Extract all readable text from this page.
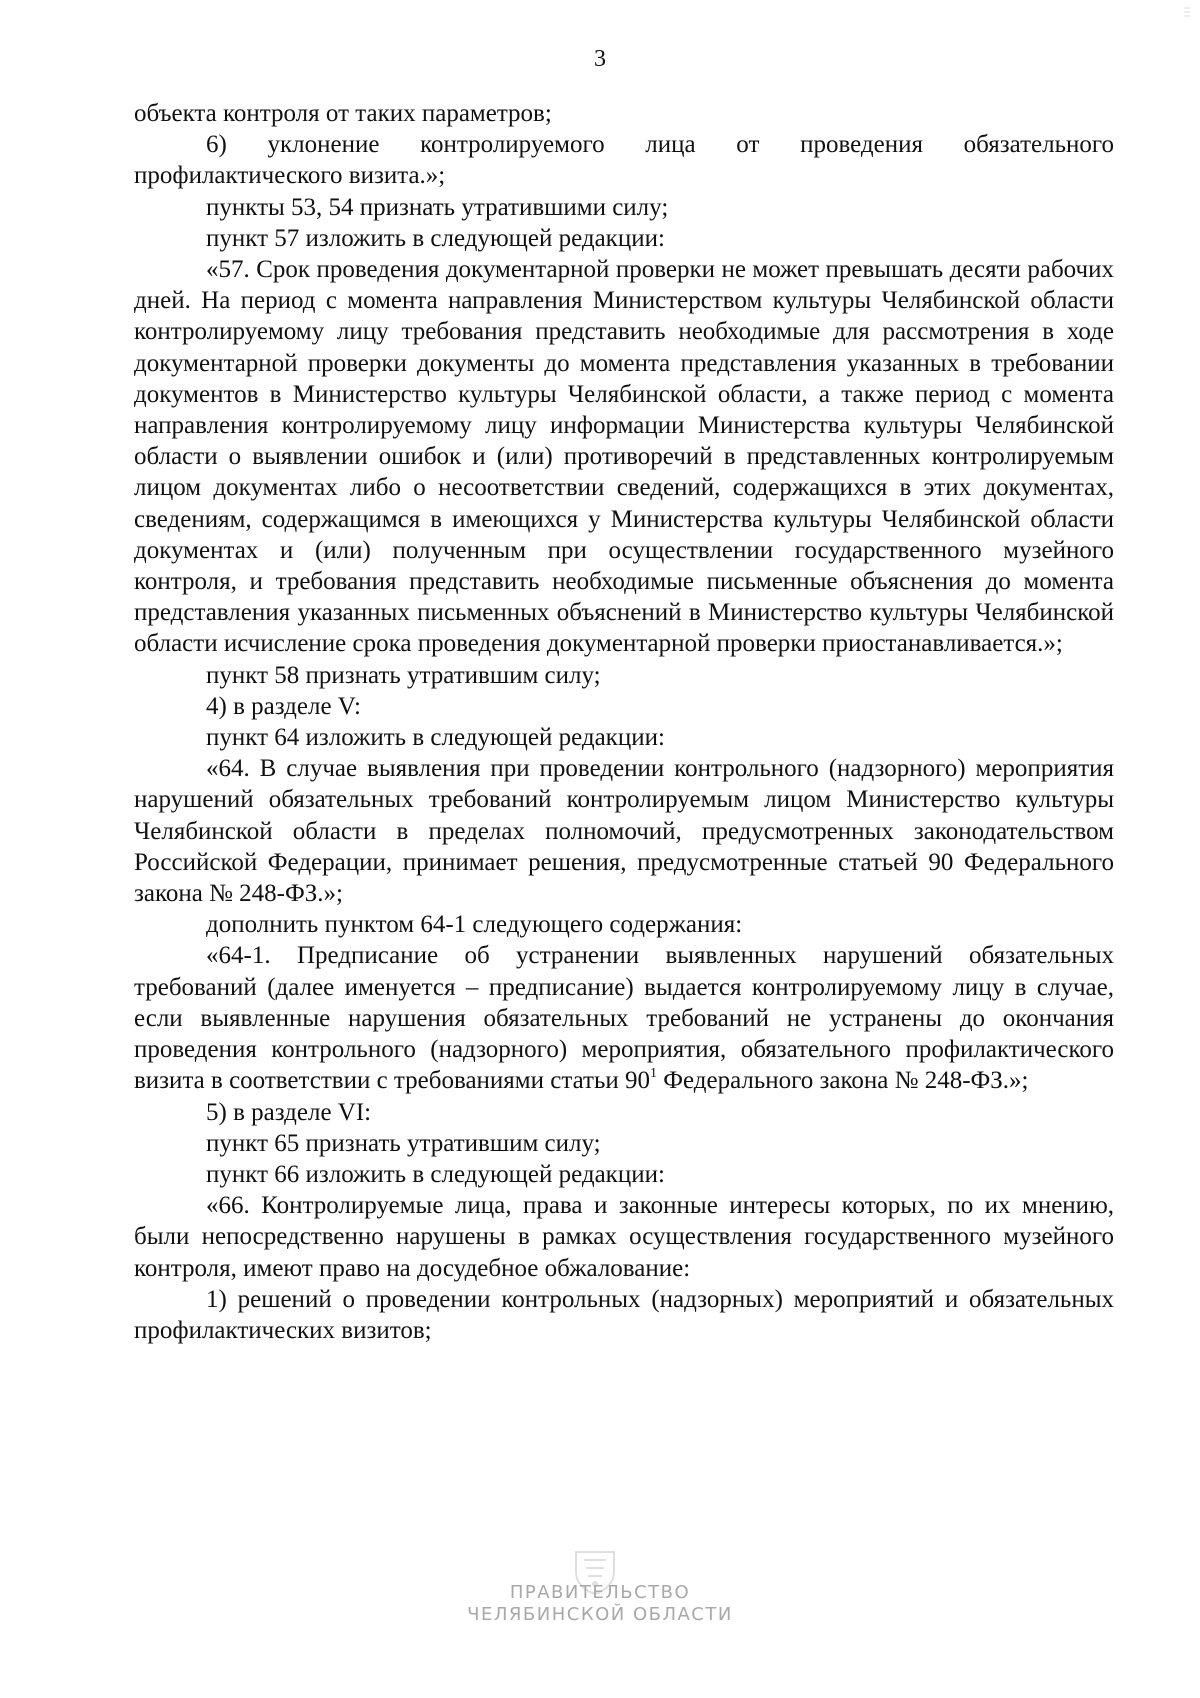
3
объекта контроля от таких параметров;
6) уклонение контролируемого лица от проведения обязательного профилактического визита.»;
пункты 53, 54 признать утратившими силу;
пункт 57 изложить в следующей редакции:
«57. Срок проведения документарной проверки не может превышать десяти рабочих дней. На период с момента направления Министерством культуры Челябинской области контролируемому лицу требования представить необходимые для рассмотрения в ходе документарной проверки документы до момента представления указанных в требовании документов в Министерство культуры Челябинской области, а также период с момента направления контролируемому лицу информации Министерства культуры Челябинской области о выявлении ошибок и (или) противоречий в представленных контролируемым лицом документах либо о несоответствии сведений, содержащихся в этих документах, сведениям, содержащимся в имеющихся у Министерства культуры Челябинской области документах и (или) полученным при осуществлении государственного музейного контроля, и требования представить необходимые письменные объяснения до момента представления указанных письменных объяснений в Министерство культуры Челябинской области исчисление срока проведения документарной проверки приостанавливается.»;
пункт 58 признать утратившим силу;
4) в разделе V:
пункт 64 изложить в следующей редакции:
«64. В случае выявления при проведении контрольного (надзорного) мероприятия нарушений обязательных требований контролируемым лицом Министерство культуры Челябинской области в пределах полномочий, предусмотренных законодательством Российской Федерации, принимает решения, предусмотренные статьей 90 Федерального закона № 248-ФЗ.»;
дополнить пунктом 64-1 следующего содержания:
«64-1. Предписание об устранении выявленных нарушений обязательных требований (далее именуется – предписание) выдается контролируемому лицу в случае, если выявленные нарушения обязательных требований не устранены до окончания проведения контрольного (надзорного) мероприятия, обязательного профилактического визита в соответствии с требованиями статьи $90^1$ Федерального закона № 248-ФЗ.»;
5) в разделе VI:
пункт 65 признать утратившим силу;
пункт 66 изложить в следующей редакции:
«66. Контролируемые лица, права и законные интересы которых, по их мнению, были непосредственно нарушены в рамках осуществления государственного музейного контроля, имеют право на досудебное обжалование:
1) решений о проведении контрольных (надзорных) мероприятий и обязательных профилактических визитов;
ПРАВИТЕЛЬСТВО
ЧЕЛЯБИНСКОЙ ОБЛАСТИ
